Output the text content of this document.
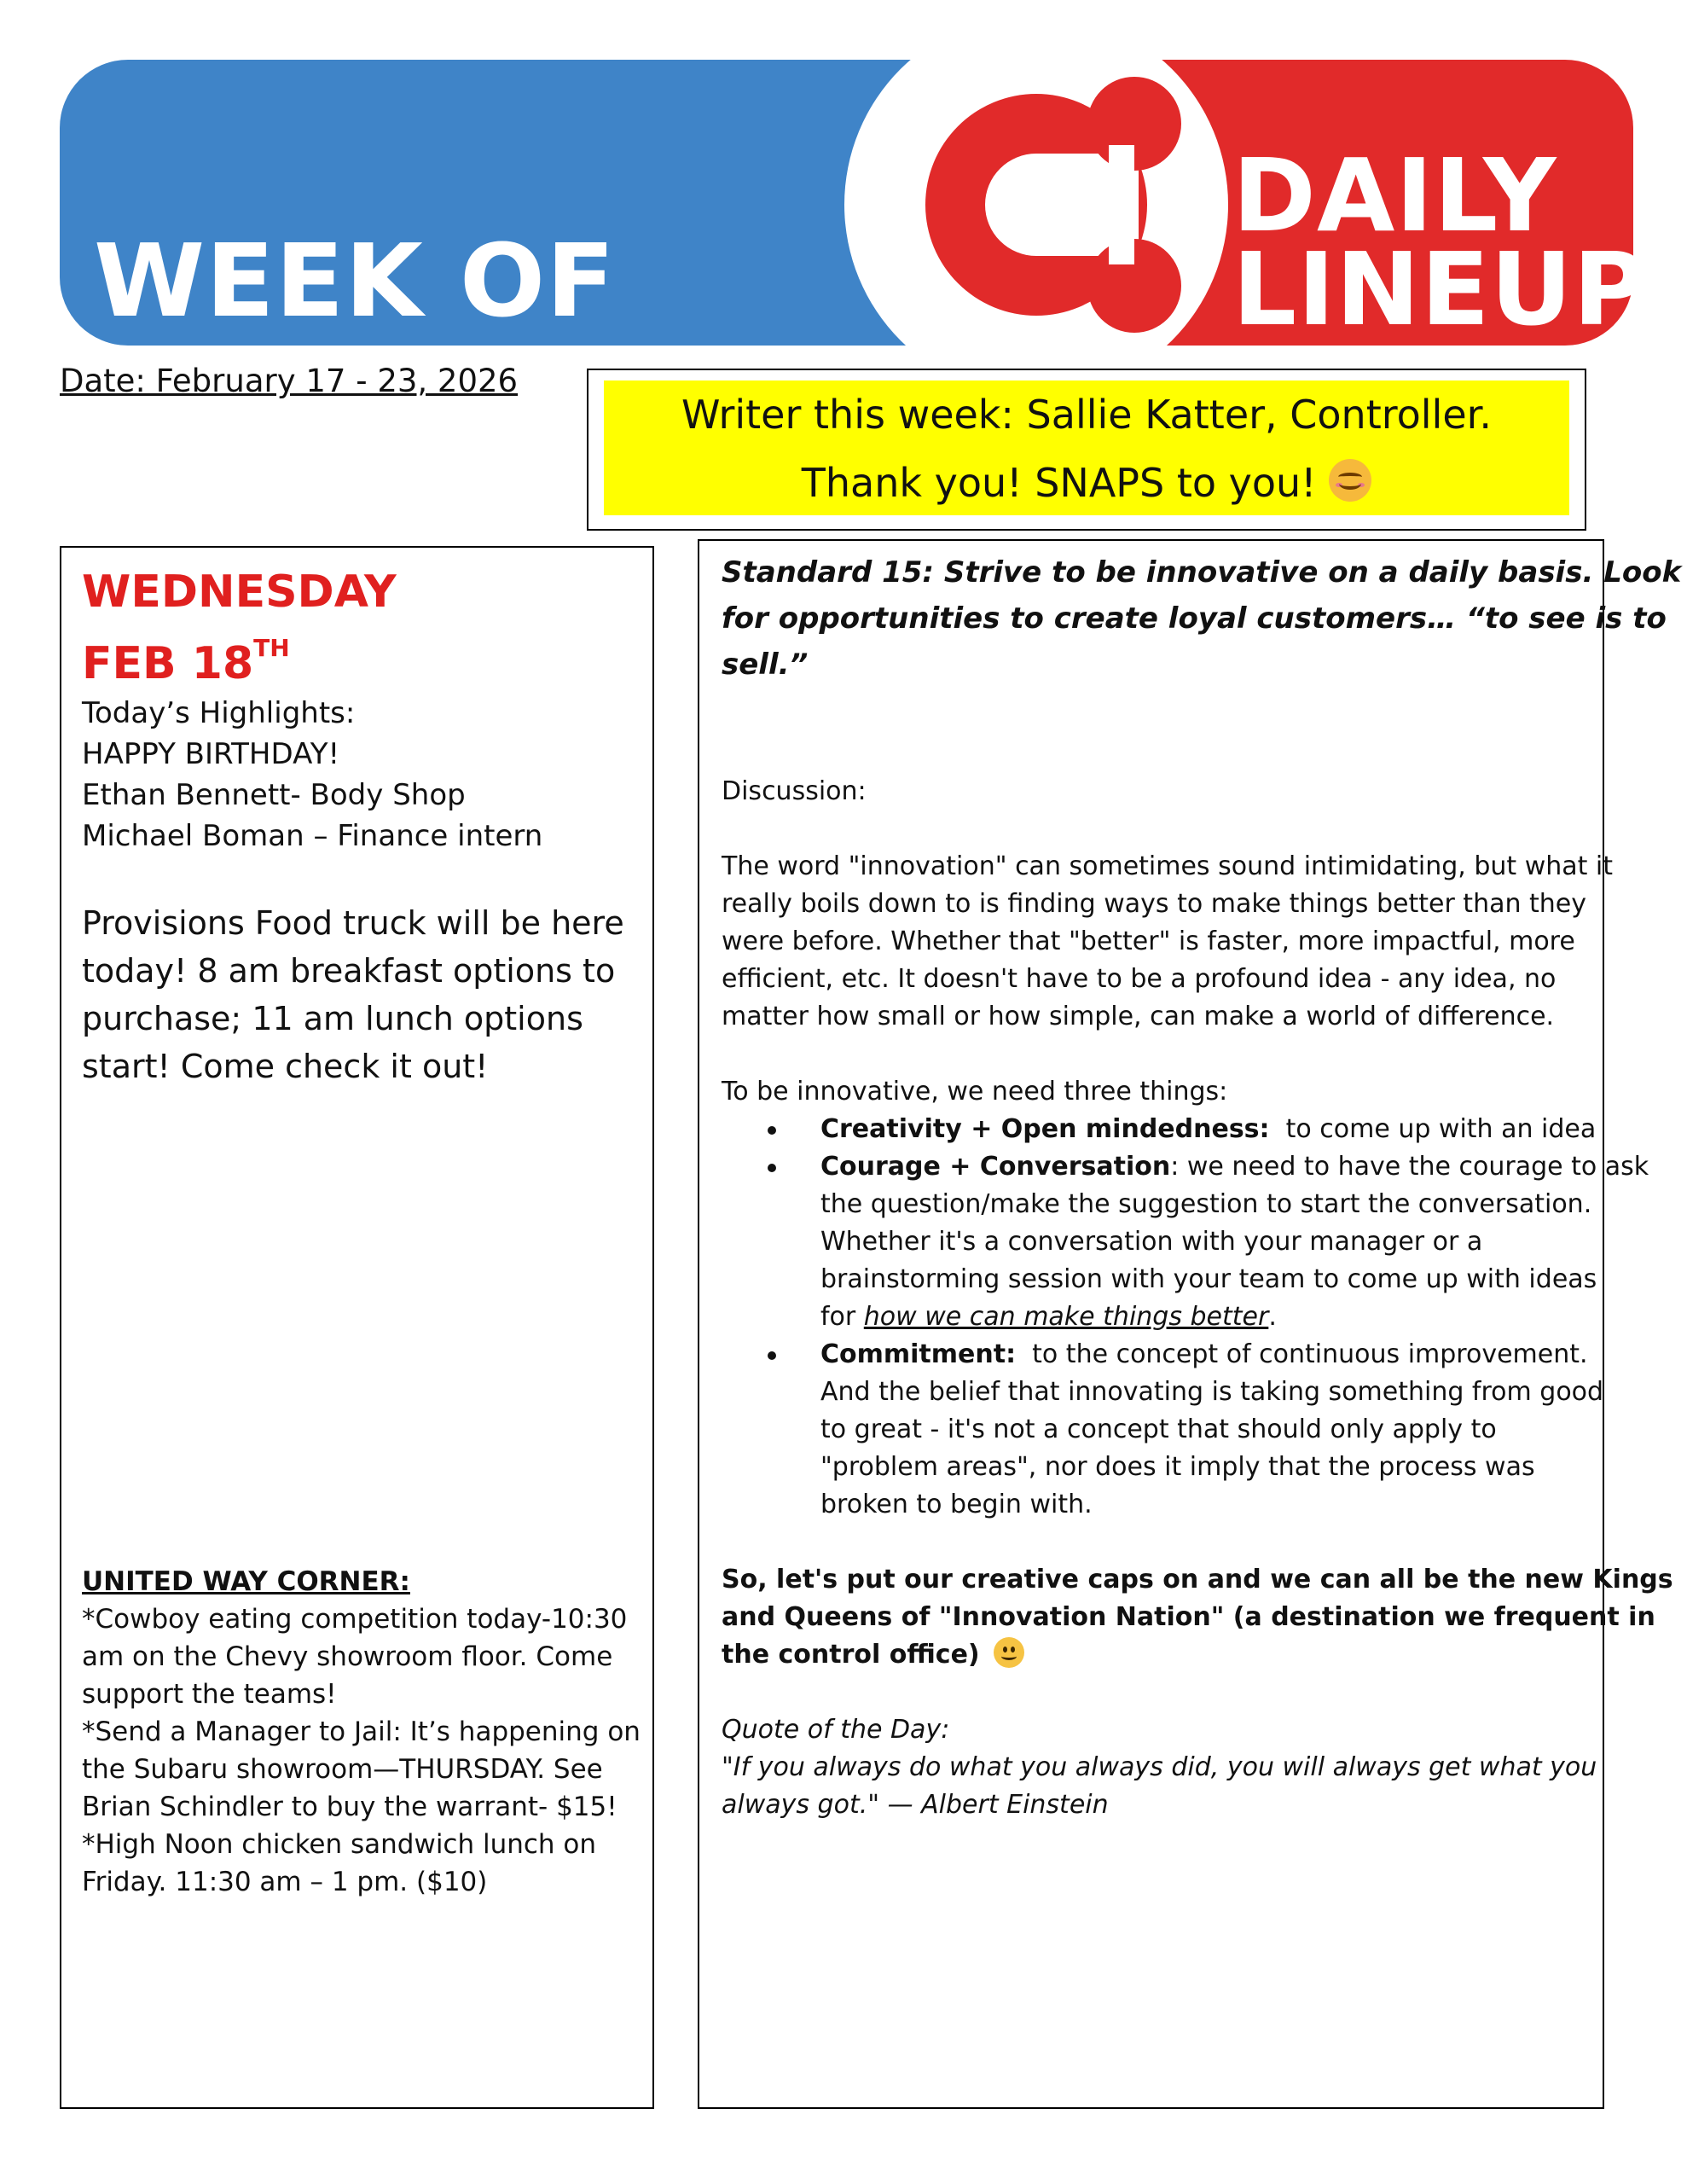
WEEK OF
DAILY
LINEUP
Date: February 17 - 23, 2026
Writer this week: Sallie Katter, Controller.
Thank you! SNAPS to you!
WEDNESDAY
FEB 18TH
Today’s Highlights:
HAPPY BIRTHDAY!
Ethan Bennett- Body Shop
Michael Boman – Finance intern
Provisions Food truck will be here
today! 8 am breakfast options to
purchase; 11 am lunch options
start! Come check it out!
UNITED WAY CORNER:
*Cowboy eating competition today-10:30
am on the Chevy showroom floor. Come
support the teams!
*Send a Manager to Jail: It’s happening on
the Subaru showroom—THURSDAY. See
Brian Schindler to buy the warrant- $15!
*High Noon chicken sandwich lunch on
Friday. 11:30 am – 1 pm. ($10)
Standard 15: Strive to be innovative on a daily basis. Look
for opportunities to create loyal customers… “to see is to
sell.”
Discussion:
The word "innovation" can sometimes sound intimidating, but what it
really boils down to is finding ways to make things better than they
were before. Whether that "better" is faster, more impactful, more
efficient, etc. It doesn't have to be a profound idea - any idea, no
matter how small or how simple, can make a world of difference.
To be innovative, we need three things:
Creativity + Open mindedness:  to come up with an idea
Courage + Conversation: we need to have the courage to ask
the question/make the suggestion to start the conversation.
Whether it's a conversation with your manager or a
brainstorming session with your team to come up with ideas
for how we can make things better.
Commitment:  to the concept of continuous improvement.
And the belief that innovating is taking something from good
to great - it's not a concept that should only apply to
"problem areas", nor does it imply that the process was
broken to begin with.
So, let's put our creative caps on and we can all be the new Kings
and Queens of "Innovation Nation" (a destination we frequent in
the control office)
Quote of the Day:
"If you always do what you always did, you will always get what you
always got." — Albert Einstein
